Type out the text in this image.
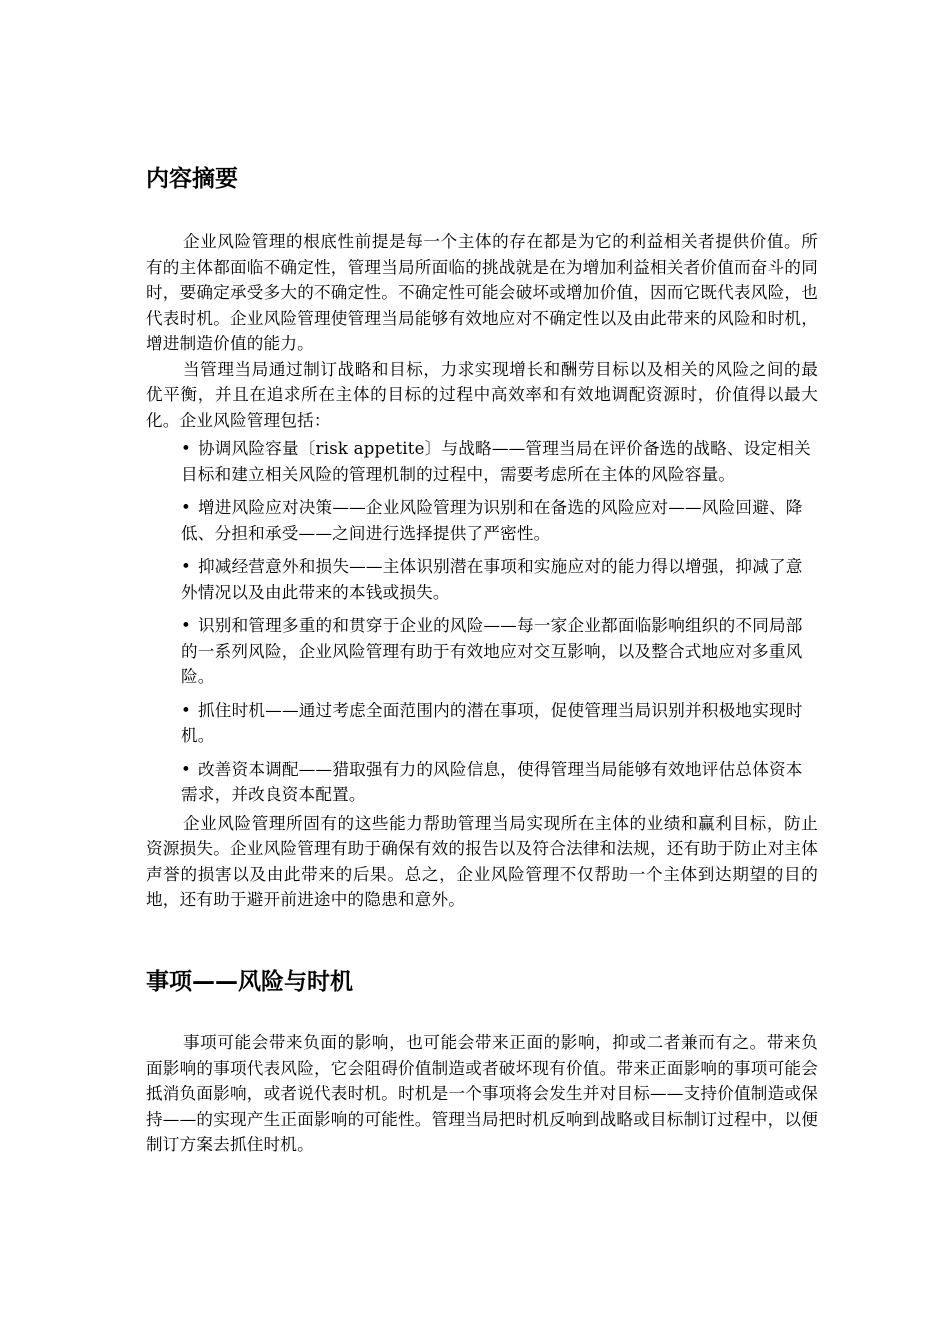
内容摘要

企业风险管理的根底性前提是每一个主体的存在都是为它的利益相关者提供价值。所有的主体都面临不确定性，管理当局所面临的挑战就是在为增加利益相关者价值而奋斗的同时，要确定承受多大的不确定性。不确定性可能会破坏或增加价值，因而它既代表风险，也代表时机。企业风险管理使管理当局能够有效地应对不确定性以及由此带来的风险和时机，增进制造价值的能力。

当管理当局通过制订战略和目标，力求实现增长和酬劳目标以及相关的风险之间的最优平衡，并且在追求所在主体的目标的过程中高效率和有效地调配资源时，价值得以最大化。企业风险管理包括：

• 协调风险容量〔risk appetite〕与战略——管理当局在评价备选的战略、设定相关目标和建立相关风险的管理机制的过程中，需要考虑所在主体的风险容量。
• 增进风险应对决策——企业风险管理为识别和在备选的风险应对——风险回避、降低、分担和承受——之间进行选择提供了严密性。
• 抑减经营意外和损失——主体识别潜在事项和实施应对的能力得以增强，抑减了意外情况以及由此带来的本钱或损失。
• 识别和管理多重的和贯穿于企业的风险——每一家企业都面临影响组织的不同局部的一系列风险，企业风险管理有助于有效地应对交互影响，以及整合式地应对多重风险。
• 抓住时机——通过考虑全面范围内的潜在事项，促使管理当局识别并积极地实现时机。
• 改善资本调配——猎取强有力的风险信息，使得管理当局能够有效地评估总体资本需求，并改良资本配置。

企业风险管理所固有的这些能力帮助管理当局实现所在主体的业绩和赢利目标，防止资源损失。企业风险管理有助于确保有效的报告以及符合法律和法规，还有助于防止对主体声誉的损害以及由此带来的后果。总之，企业风险管理不仅帮助一个主体到达期望的目的地，还有助于避开前进途中的隐患和意外。

事项——风险与时机

事项可能会带来负面的影响，也可能会带来正面的影响，抑或二者兼而有之。带来负面影响的事项代表风险，它会阻碍价值制造或者破坏现有价值。带来正面影响的事项可能会抵消负面影响，或者说代表时机。时机是一个事项将会发生并对目标——支持价值制造或保持——的实现产生正面影响的可能性。管理当局把时机反响到战略或目标制订过程中，以便制订方案去抓住时机。
